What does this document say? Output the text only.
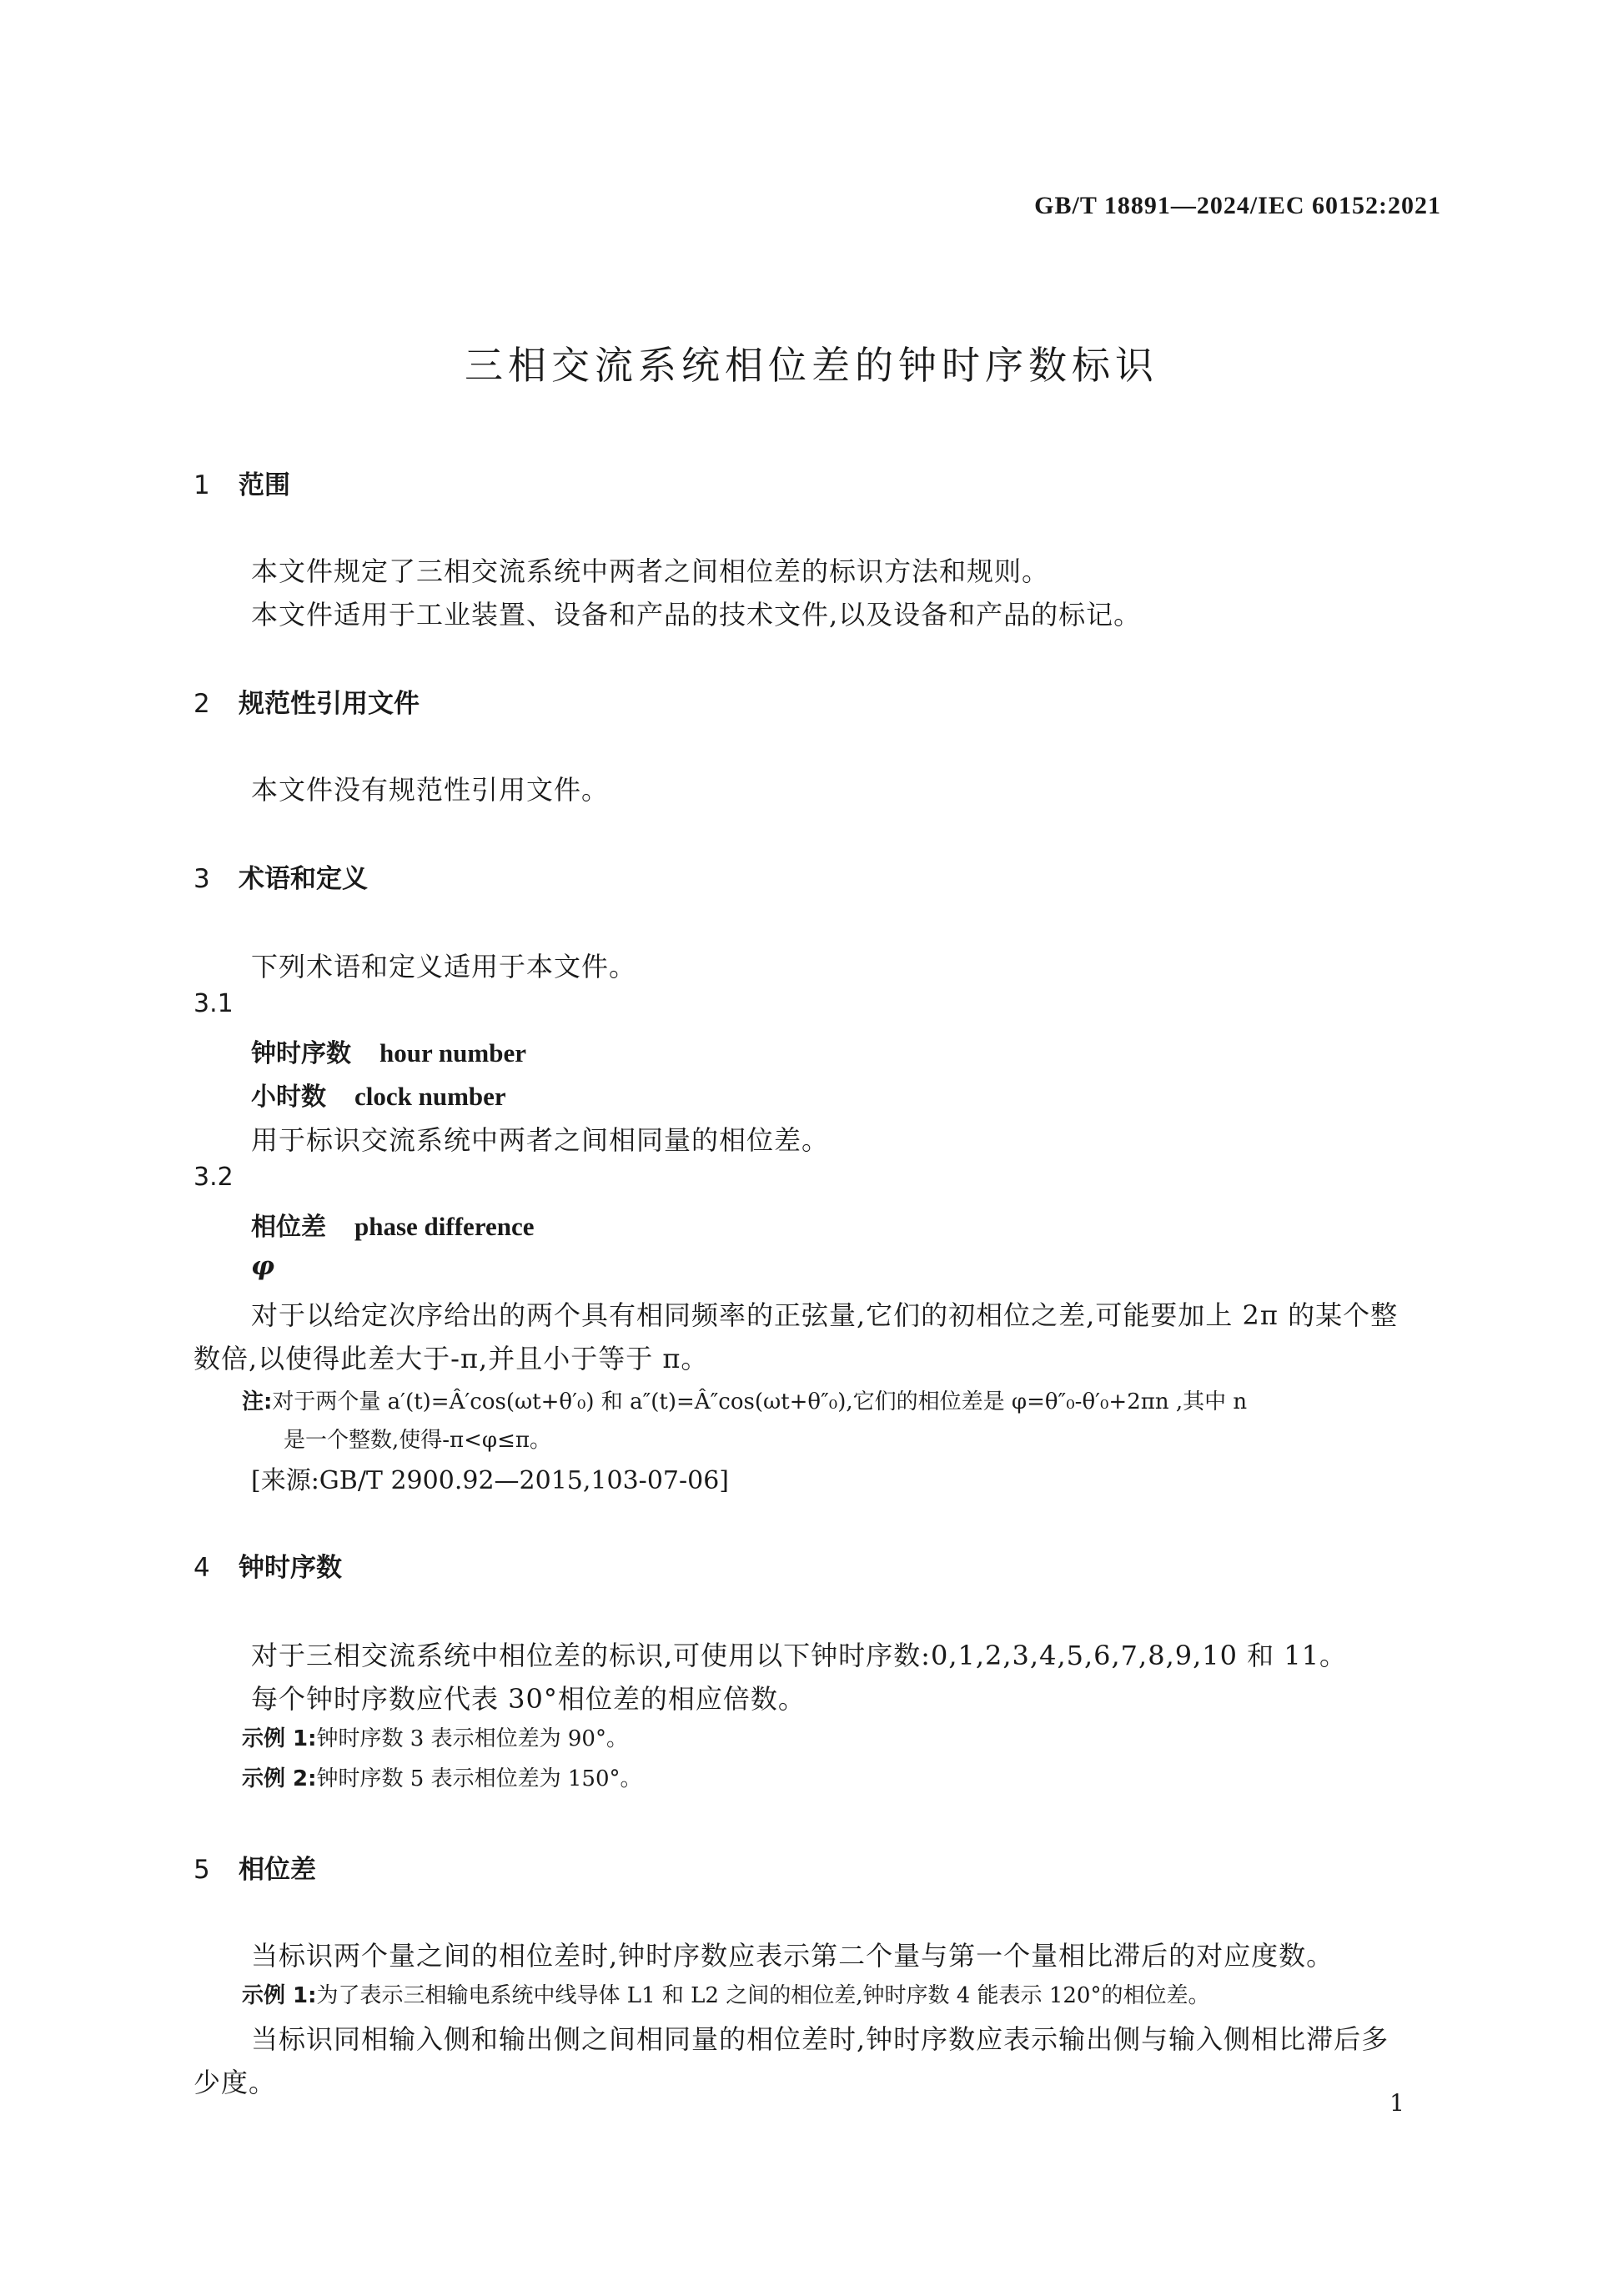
GB/T 18891—2024/IEC 60152:2021
三相交流系统相位差的钟时序数标识
1 范围
本文件规定了三相交流系统中两者之间相位差的标识方法和规则。
本文件适用于工业装置、设备和产品的技术文件,以及设备和产品的标记。
2 规范性引用文件
本文件没有规范性引用文件。
3 术语和定义
下列术语和定义适用于本文件。
3.1
钟时序数 hour number
小时数 clock number
用于标识交流系统中两者之间相同量的相位差。
3.2
相位差 phase difference
φ
对于以给定次序给出的两个具有相同频率的正弦量,它们的初相位之差,可能要加上 2π 的某个整
数倍,以使得此差大于-π,并且小于等于 π。
注:对于两个量 a′(t)=Â′cos(ωt+θ′₀) 和 a″(t)=Â″cos(ωt+θ″₀),它们的相位差是 φ=θ″₀-θ′₀+2πn ,其中 n
是一个整数,使得-π<φ≤π。
[来源:GB/T 2900.92—2015,103-07-06]
4 钟时序数
对于三相交流系统中相位差的标识,可使用以下钟时序数:0,1,2,3,4,5,6,7,8,9,10 和 11。
每个钟时序数应代表 30°相位差的相应倍数。
示例 1:钟时序数 3 表示相位差为 90°。
示例 2:钟时序数 5 表示相位差为 150°。
5 相位差
当标识两个量之间的相位差时,钟时序数应表示第二个量与第一个量相比滞后的对应度数。
示例 1:为了表示三相输电系统中线导体 L1 和 L2 之间的相位差,钟时序数 4 能表示 120°的相位差。
当标识同相输入侧和输出侧之间相同量的相位差时,钟时序数应表示输出侧与输入侧相比滞后多
少度。
1
